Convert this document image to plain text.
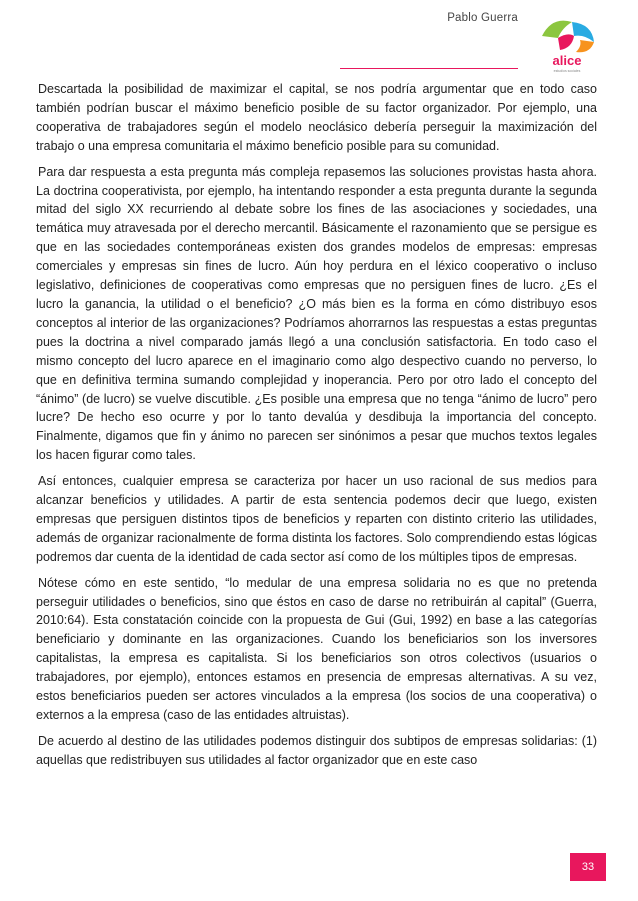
Pablo Guerra
alice
estudios sociales

Descartada la posibilidad de maximizar el capital, se nos podría argumentar que en todo caso también podrían buscar el máximo beneficio posible de su factor organizador. Por ejemplo, una cooperativa de trabajadores según el modelo neoclásico debería perseguir la maximización del trabajo o una empresa comunitaria el máximo beneficio posible para su comunidad.

Para dar respuesta a esta pregunta más compleja repasemos las soluciones provistas hasta ahora. La doctrina cooperativista, por ejemplo, ha intentando responder a esta pregunta durante la segunda mitad del siglo XX recurriendo al debate sobre los fines de las asociaciones y sociedades, una temática muy atravesada por el derecho mercantil. Básicamente el razonamiento que se persigue es que en las sociedades contemporáneas existen dos grandes modelos de empresas: empresas comerciales y empresas sin fines de lucro. Aún hoy perdura en el léxico cooperativo o incluso legislativo, definiciones de cooperativas como empresas que no persiguen fines de lucro. ¿Es el lucro la ganancia, la utilidad o el beneficio? ¿O más bien es la forma en cómo distribuyo esos conceptos al interior de las organizaciones? Podríamos ahorrarnos las respuestas a estas preguntas pues la doctrina a nivel comparado jamás llegó a una conclusión satisfactoria. En todo caso el mismo concepto del lucro aparece en el imaginario como algo despectivo cuando no perverso, lo que en definitiva termina sumando complejidad y inoperancia. Pero por otro lado el concepto del “ánimo” (de lucro) se vuelve discutible. ¿Es posible una empresa que no tenga “ánimo de lucro” pero lucre? De hecho eso ocurre y por lo tanto devalúa y desdibuja la importancia del concepto. Finalmente, digamos que fin y ánimo no parecen ser sinónimos a pesar que muchos textos legales los hacen figurar como tales.

Así entonces, cualquier empresa se caracteriza por hacer un uso racional de sus medios para alcanzar beneficios y utilidades. A partir de esta sentencia podemos decir que luego, existen empresas que persiguen distintos tipos de beneficios y reparten con distinto criterio las utilidades, además de organizar racionalmente de forma distinta los factores. Solo comprendiendo estas lógicas podremos dar cuenta de la identidad de cada sector así como de los múltiples tipos de empresas.

Nótese cómo en este sentido, “lo medular de una empresa solidaria no es que no pretenda perseguir utilidades o beneficios, sino que éstos en caso de darse no retribuirán al capital” (Guerra, 2010:64). Esta constatación coincide con la propuesta de Gui (Gui, 1992) en base a las categorías beneficiario y dominante en las organizaciones. Cuando los beneficiarios son los inversores capitalistas, la empresa es capitalista. Si los beneficiarios son otros colectivos (usuarios o trabajadores, por ejemplo), entonces estamos en presencia de empresas alternativas. A su vez, estos beneficiarios pueden ser actores vinculados a la empresa (los socios de una cooperativa) o externos a la empresa (caso de las entidades altruistas).

De acuerdo al destino de las utilidades podemos distinguir dos subtipos de empresas solidarias: (1) aquellas que redistribuyen sus utilidades al factor organizador que en este caso

33
